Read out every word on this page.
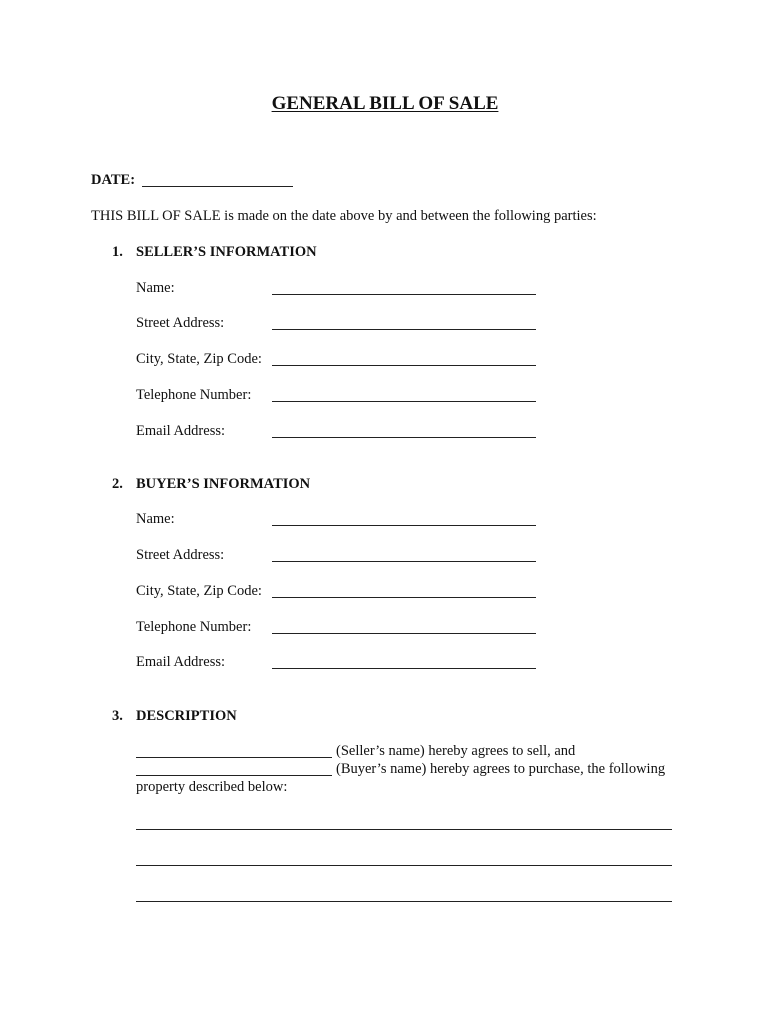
GENERAL BILL OF SALE
DATE:
THIS BILL OF SALE is made on the date above by and between the following parties:
1. SELLER’S INFORMATION
Name:
Street Address:
City, State, Zip Code:
Telephone Number:
Email Address:
2. BUYER’S INFORMATION
Name:
Street Address:
City, State, Zip Code:
Telephone Number:
Email Address:
3. DESCRIPTION
(Seller’s name) hereby agrees to sell, and
(Buyer’s name) hereby agrees to purchase, the following
property described below:
